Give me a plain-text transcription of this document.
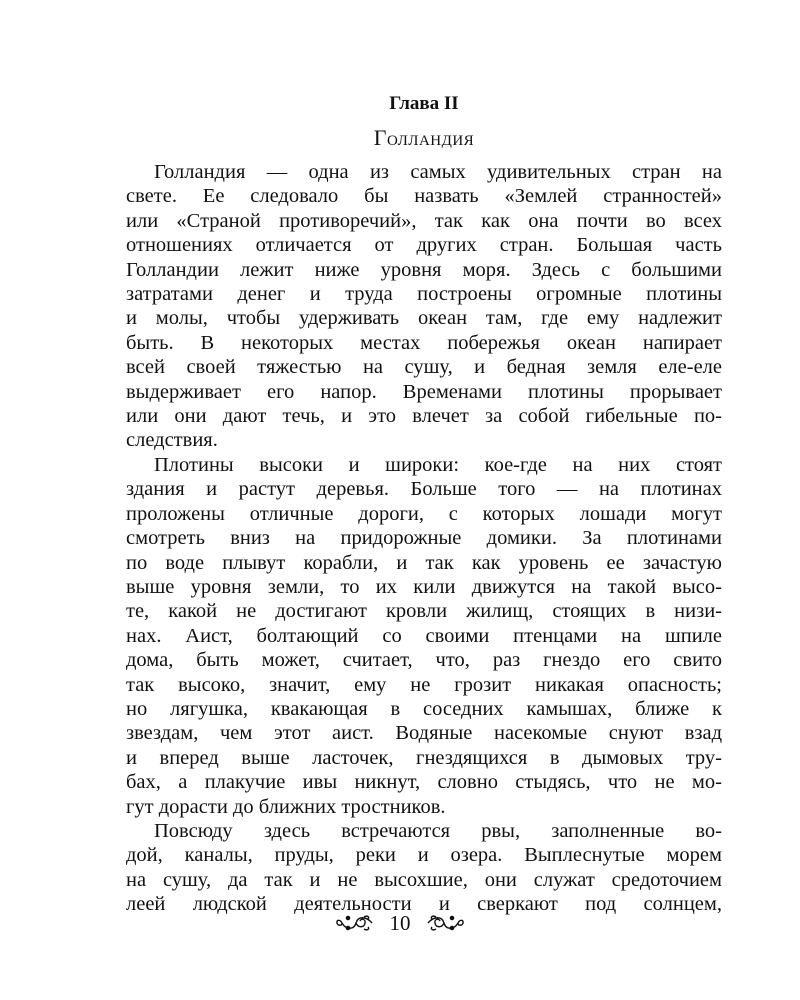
Глава II
Голландия
Голландия — одна из самых удивительных стран на
свете. Ее следовало бы назвать «Землей странностей»
или «Страной противоречий», так как она почти во всех
отношениях отличается от других стран. Большая часть
Голландии лежит ниже уровня моря. Здесь с большими
затратами денег и труда построены огромные плотины
и молы, чтобы удерживать океан там, где ему надлежит
быть. В некоторых местах побережья океан напирает
всей своей тяжестью на сушу, и бедная земля еле-еле
выдерживает его напор. Временами плотины прорывает
или они дают течь, и это влечет за собой гибельные по-
следствия.
Плотины высоки и широки: кое-где на них стоят
здания и растут деревья. Больше того — на плотинах
проложены отличные дороги, с которых лошади могут
смотреть вниз на придорожные домики. За плотинами
по воде плывут корабли, и так как уровень ее зачастую
выше уровня земли, то их кили движутся на такой высо-
те, какой не достигают кровли жилищ, стоящих в низи-
нах. Аист, болтающий со своими птенцами на шпиле
дома, быть может, считает, что, раз гнездо его свито
так высоко, значит, ему не грозит никакая опасность;
но лягушка, квакающая в соседних камышах, ближе к
звездам, чем этот аист. Водяные насекомые снуют взад
и вперед выше ласточек, гнездящихся в дымовых тру-
бах, а плакучие ивы никнут, словно стыдясь, что не мо-
гут дорасти до ближних тростников.
Повсюду здесь встречаются рвы, заполненные во-
дой, каналы, пруды, реки и озера. Выплеснутые морем
на сушу, да так и не высохшие, они служат средоточием
леей людской деятельности и сверкают под солнцем,
10
